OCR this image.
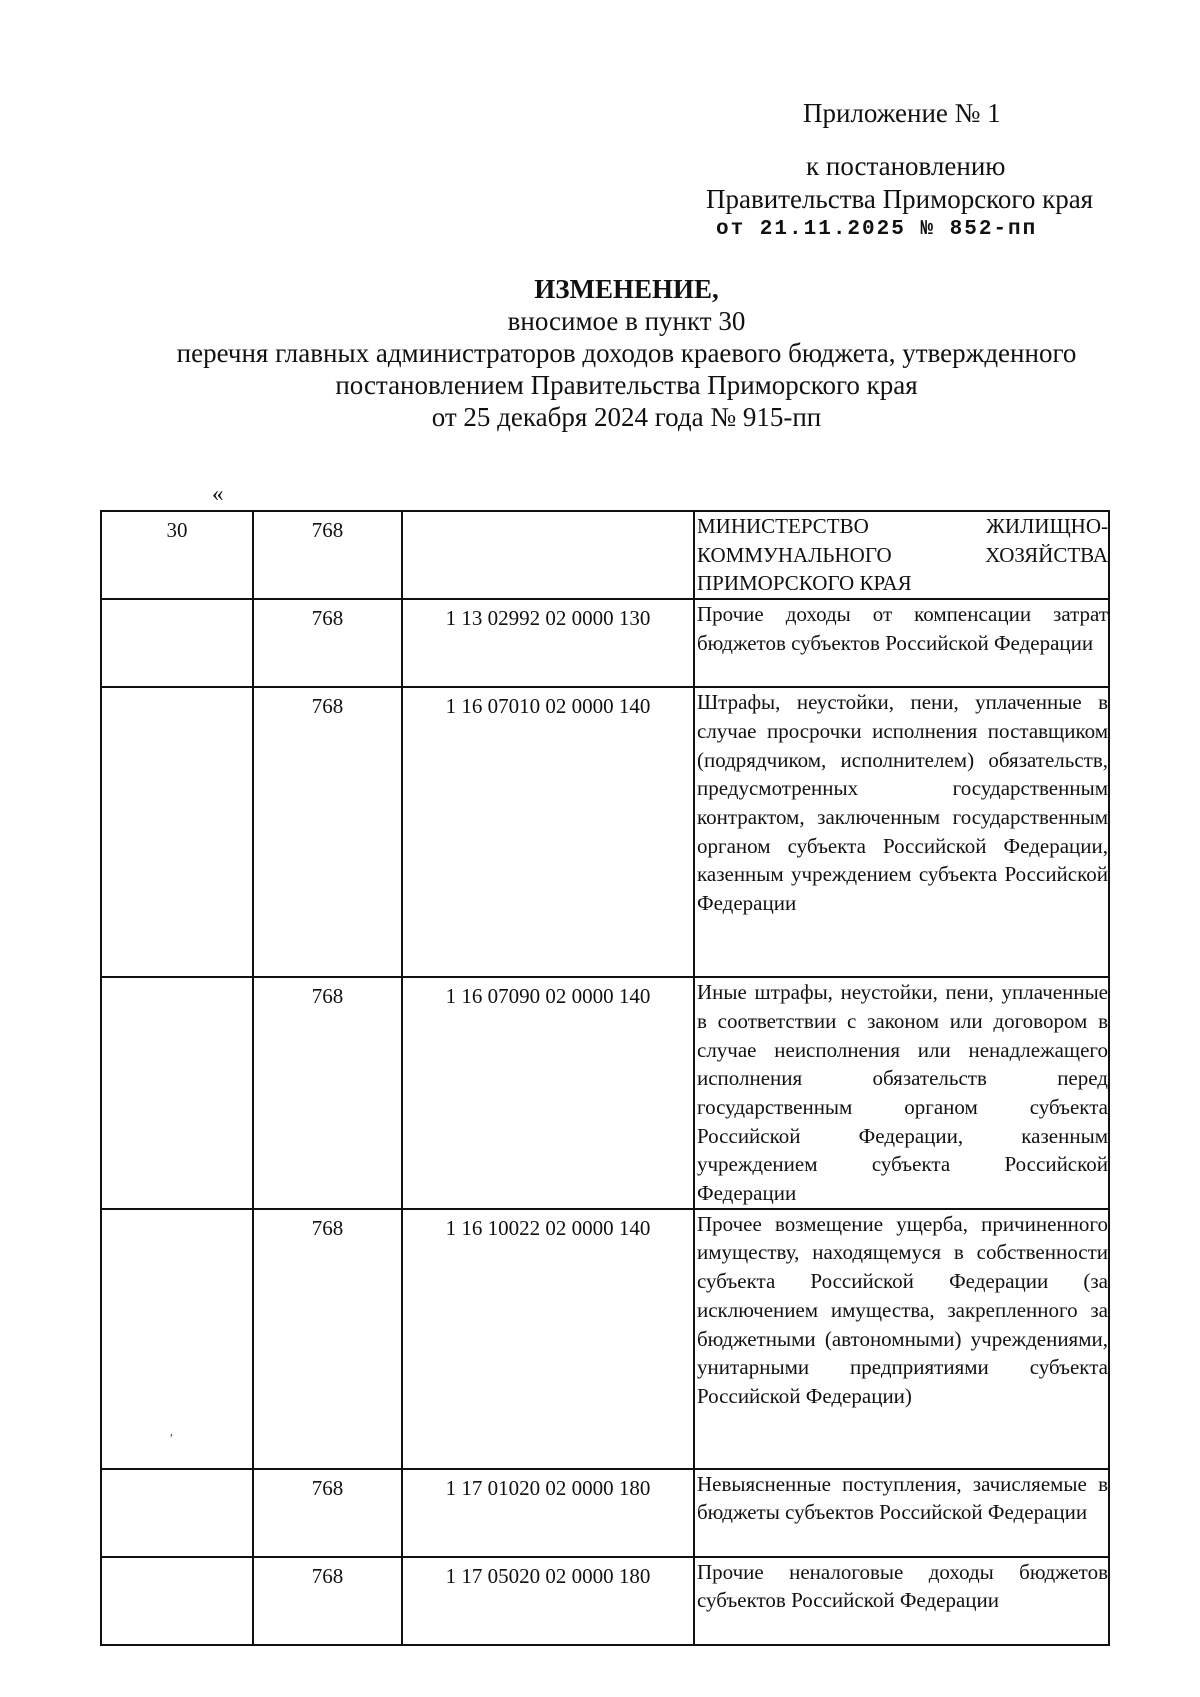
Приложение № 1
к постановлению
Правительства Приморского края
от 21.11.2025 № 852-пп
ИЗМЕНЕНИЕ,
вносимое в пункт 30
перечня главных администраторов доходов краевого бюджета, утвержденного
постановлением Правительства Приморского края
от 25 декабря 2024 года № 915-пп
«
30	768		МИНИСТЕРСТВО ЖИЛИЩНО-КОММУНАЛЬНОГО ХОЗЯЙСТВА ПРИМОРСКОГО КРАЯ
	768	1 13 02992 02 0000 130	Прочие доходы от компенсации затрат бюджетов субъектов Российской Федерации
	768	1 16 07010 02 0000 140	Штрафы, неустойки, пени, уплаченные в случае просрочки исполнения поставщиком (подрядчиком, исполнителем) обязательств, предусмотренных государственным контрактом, заключенным государственным органом субъекта Российской Федерации, казенным учреждением субъекта Российской Федерации
	768	1 16 07090 02 0000 140	Иные штрафы, неустойки, пени, уплаченные в соответствии с законом или договором в случае неисполнения или ненадлежащего исполнения обязательств перед государственным органом субъекта Российской Федерации, казенным учреждением субъекта Российской Федерации
	768	1 16 10022 02 0000 140	Прочее возмещение ущерба, причиненного имуществу, находящемуся в собственности субъекта Российской Федерации (за исключением имущества, закрепленного за бюджетными (автономными) учреждениями, унитарными предприятиями субъекта Российской Федерации)
	768	1 17 01020 02 0000 180	Невыясненные поступления, зачисляемые в бюджеты субъектов Российской Федерации
	768	1 17 05020 02 0000 180	Прочие неналоговые доходы бюджетов субъектов Российской Федерации
′
